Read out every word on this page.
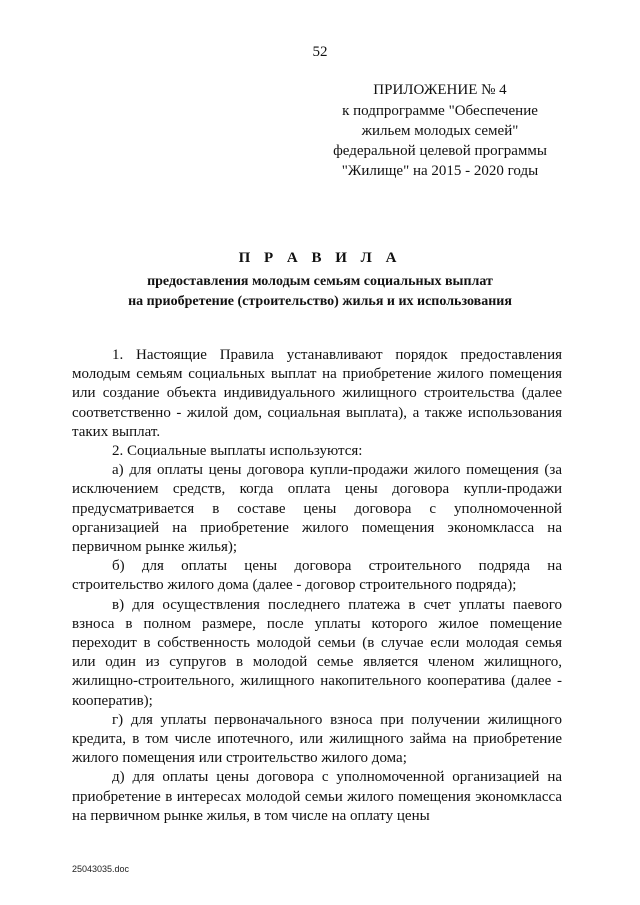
52
ПРИЛОЖЕНИЕ № 4
к подпрограмме "Обеспечение
жильем молодых семей"
федеральной целевой программы
"Жилище" на 2015 - 2020 годы
П Р А В И Л А
предоставления молодым семьям социальных выплат
на приобретение (строительство) жилья и их использования

1. Настоящие Правила устанавливают порядок предоставления молодым семьям социальных выплат на приобретение жилого помещения или создание объекта индивидуального жилищного строительства (далее соответственно - жилой дом, социальная выплата), а также использования таких выплат.

2. Социальные выплаты используются:

а) для оплаты цены договора купли-продажи жилого помещения (за исключением средств, когда оплата цены договора купли-продажи предусматривается в составе цены договора с уполномоченной организацией на приобретение жилого помещения экономкласса на первичном рынке жилья);

б) для оплаты цены договора строительного подряда на строительство жилого дома (далее - договор строительного подряда);

в) для осуществления последнего платежа в счет уплаты паевого взноса в полном размере, после уплаты которого жилое помещение переходит в собственность молодой семьи (в случае если молодая семья или один из супругов в молодой семье является членом жилищного, жилищно-строительного, жилищного накопительного кооператива (далее - кооператив);

г) для уплаты первоначального взноса при получении жилищного кредита, в том числе ипотечного, или жилищного займа на приобретение жилого помещения или строительство жилого дома;

д) для оплаты цены договора с уполномоченной организацией на приобретение в интересах молодой семьи жилого помещения экономкласса на первичном рынке жилья, в том числе на оплату цены

25043035.doc
